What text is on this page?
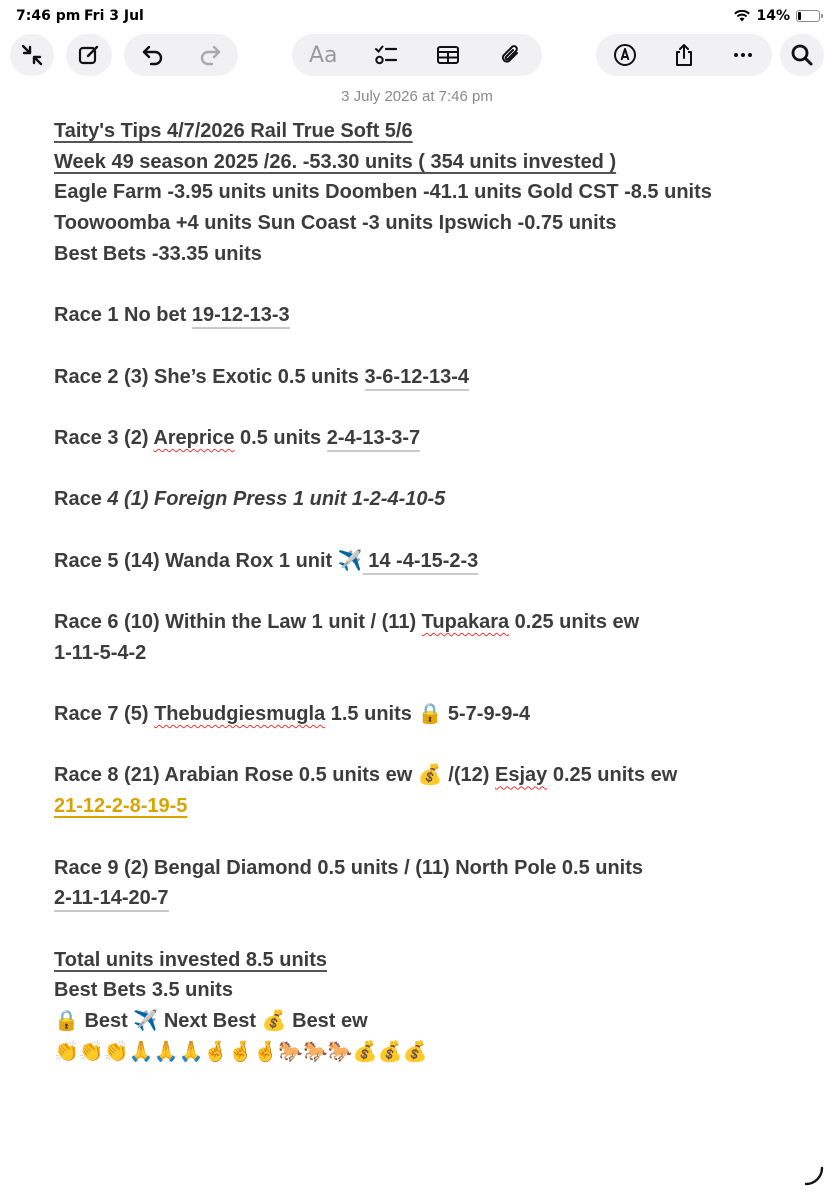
7:46 pm Fri 3 Jul	14%
Aa
3 July 2026 at 7:46 pm
Taity's Tips 4/7/2026 Rail True Soft 5/6
Week 49 season 2025 /26. -53.30 units ( 354 units invested )
Eagle Farm -3.95 units units Doomben -41.1 units Gold CST -8.5 units
Toowoomba +4 units Sun Coast -3 units Ipswich -0.75 units
Best Bets -33.35 units
Race 1 No bet 19-12-13-3
Race 2 (3) She’s Exotic 0.5 units 3-6-12-13-4
Race 3 (2) Areprice 0.5 units 2-4-13-3-7
Race 4 (1) Foreign Press 1 unit 1-2-4-10-5
Race 5 (14) Wanda Rox 1 unit ✈️ 14 -4-15-2-3
Race 6 (10) Within the Law 1 unit / (11) Tupakara 0.25 units ew
1-11-5-4-2
Race 7 (5) Thebudgiesmugla 1.5 units 🔒 5-7-9-9-4
Race 8 (21) Arabian Rose 0.5 units ew 💰 /(12) Esjay 0.25 units ew
21-12-2-8-19-5
Race 9 (2) Bengal Diamond 0.5 units / (11) North Pole 0.5 units
2-11-14-20-7
Total units invested 8.5 units
Best Bets 3.5 units
🔒 Best ✈️ Next Best 💰 Best ew
👏👏👏🙏🙏🙏🤞🤞🤞🐎🐎🐎💰💰💰
